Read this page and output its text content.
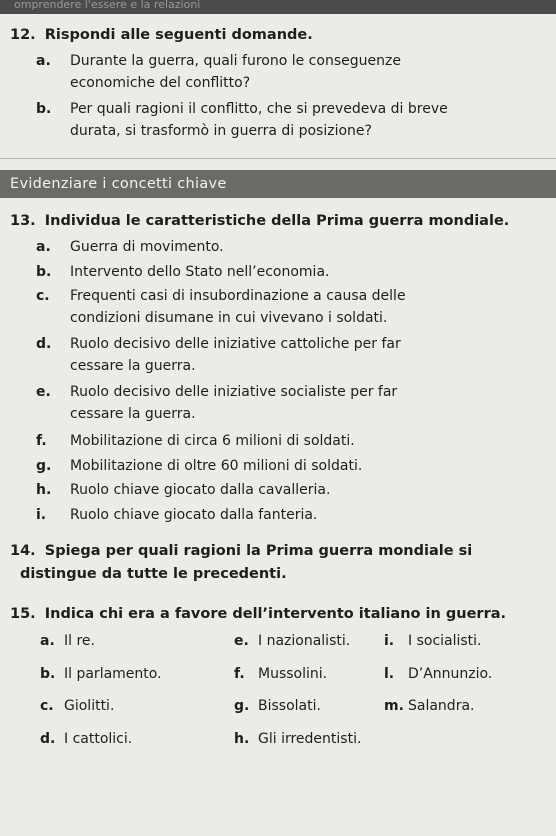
omprendere l'essere e la relazioni
12. Rispondi alle seguenti domande.
a.	Durante la guerra, quali furono le conseguenze
economiche del conflitto?
b.	Per quali ragioni il conflitto, che si prevedeva di breve
durata, si trasformò in guerra di posizione?
Evidenziare i concetti chiave
13. Individua le caratteristiche della Prima guerra mondiale.
a.	Guerra di movimento.
b.	Intervento dello Stato nell’economia.
c.	Frequenti casi di insubordinazione a causa delle
condizioni disumane in cui vivevano i soldati.
d.	Ruolo decisivo delle iniziative cattoliche per far
cessare la guerra.
e.	Ruolo decisivo delle iniziative socialiste per far
cessare la guerra.
f.	Mobilitazione di circa 6 milioni di soldati.
g.	Mobilitazione di oltre 60 milioni di soldati.
h.	Ruolo chiave giocato dalla cavalleria.
i.	Ruolo chiave giocato dalla fanteria.
14. Spiega per quali ragioni la Prima guerra mondiale si
distingue da tutte le precedenti.
15. Indica chi era a favore dell’intervento italiano in guerra.
a. Il re.	e. I nazionalisti. i. I socialisti.
b. Il parlamento.	f. Mussolini.	l. D’Annunzio.
c. Giolitti.	g. Bissolati.	m. Salandra.
d. I cattolici.	h. Gli irredentisti.
